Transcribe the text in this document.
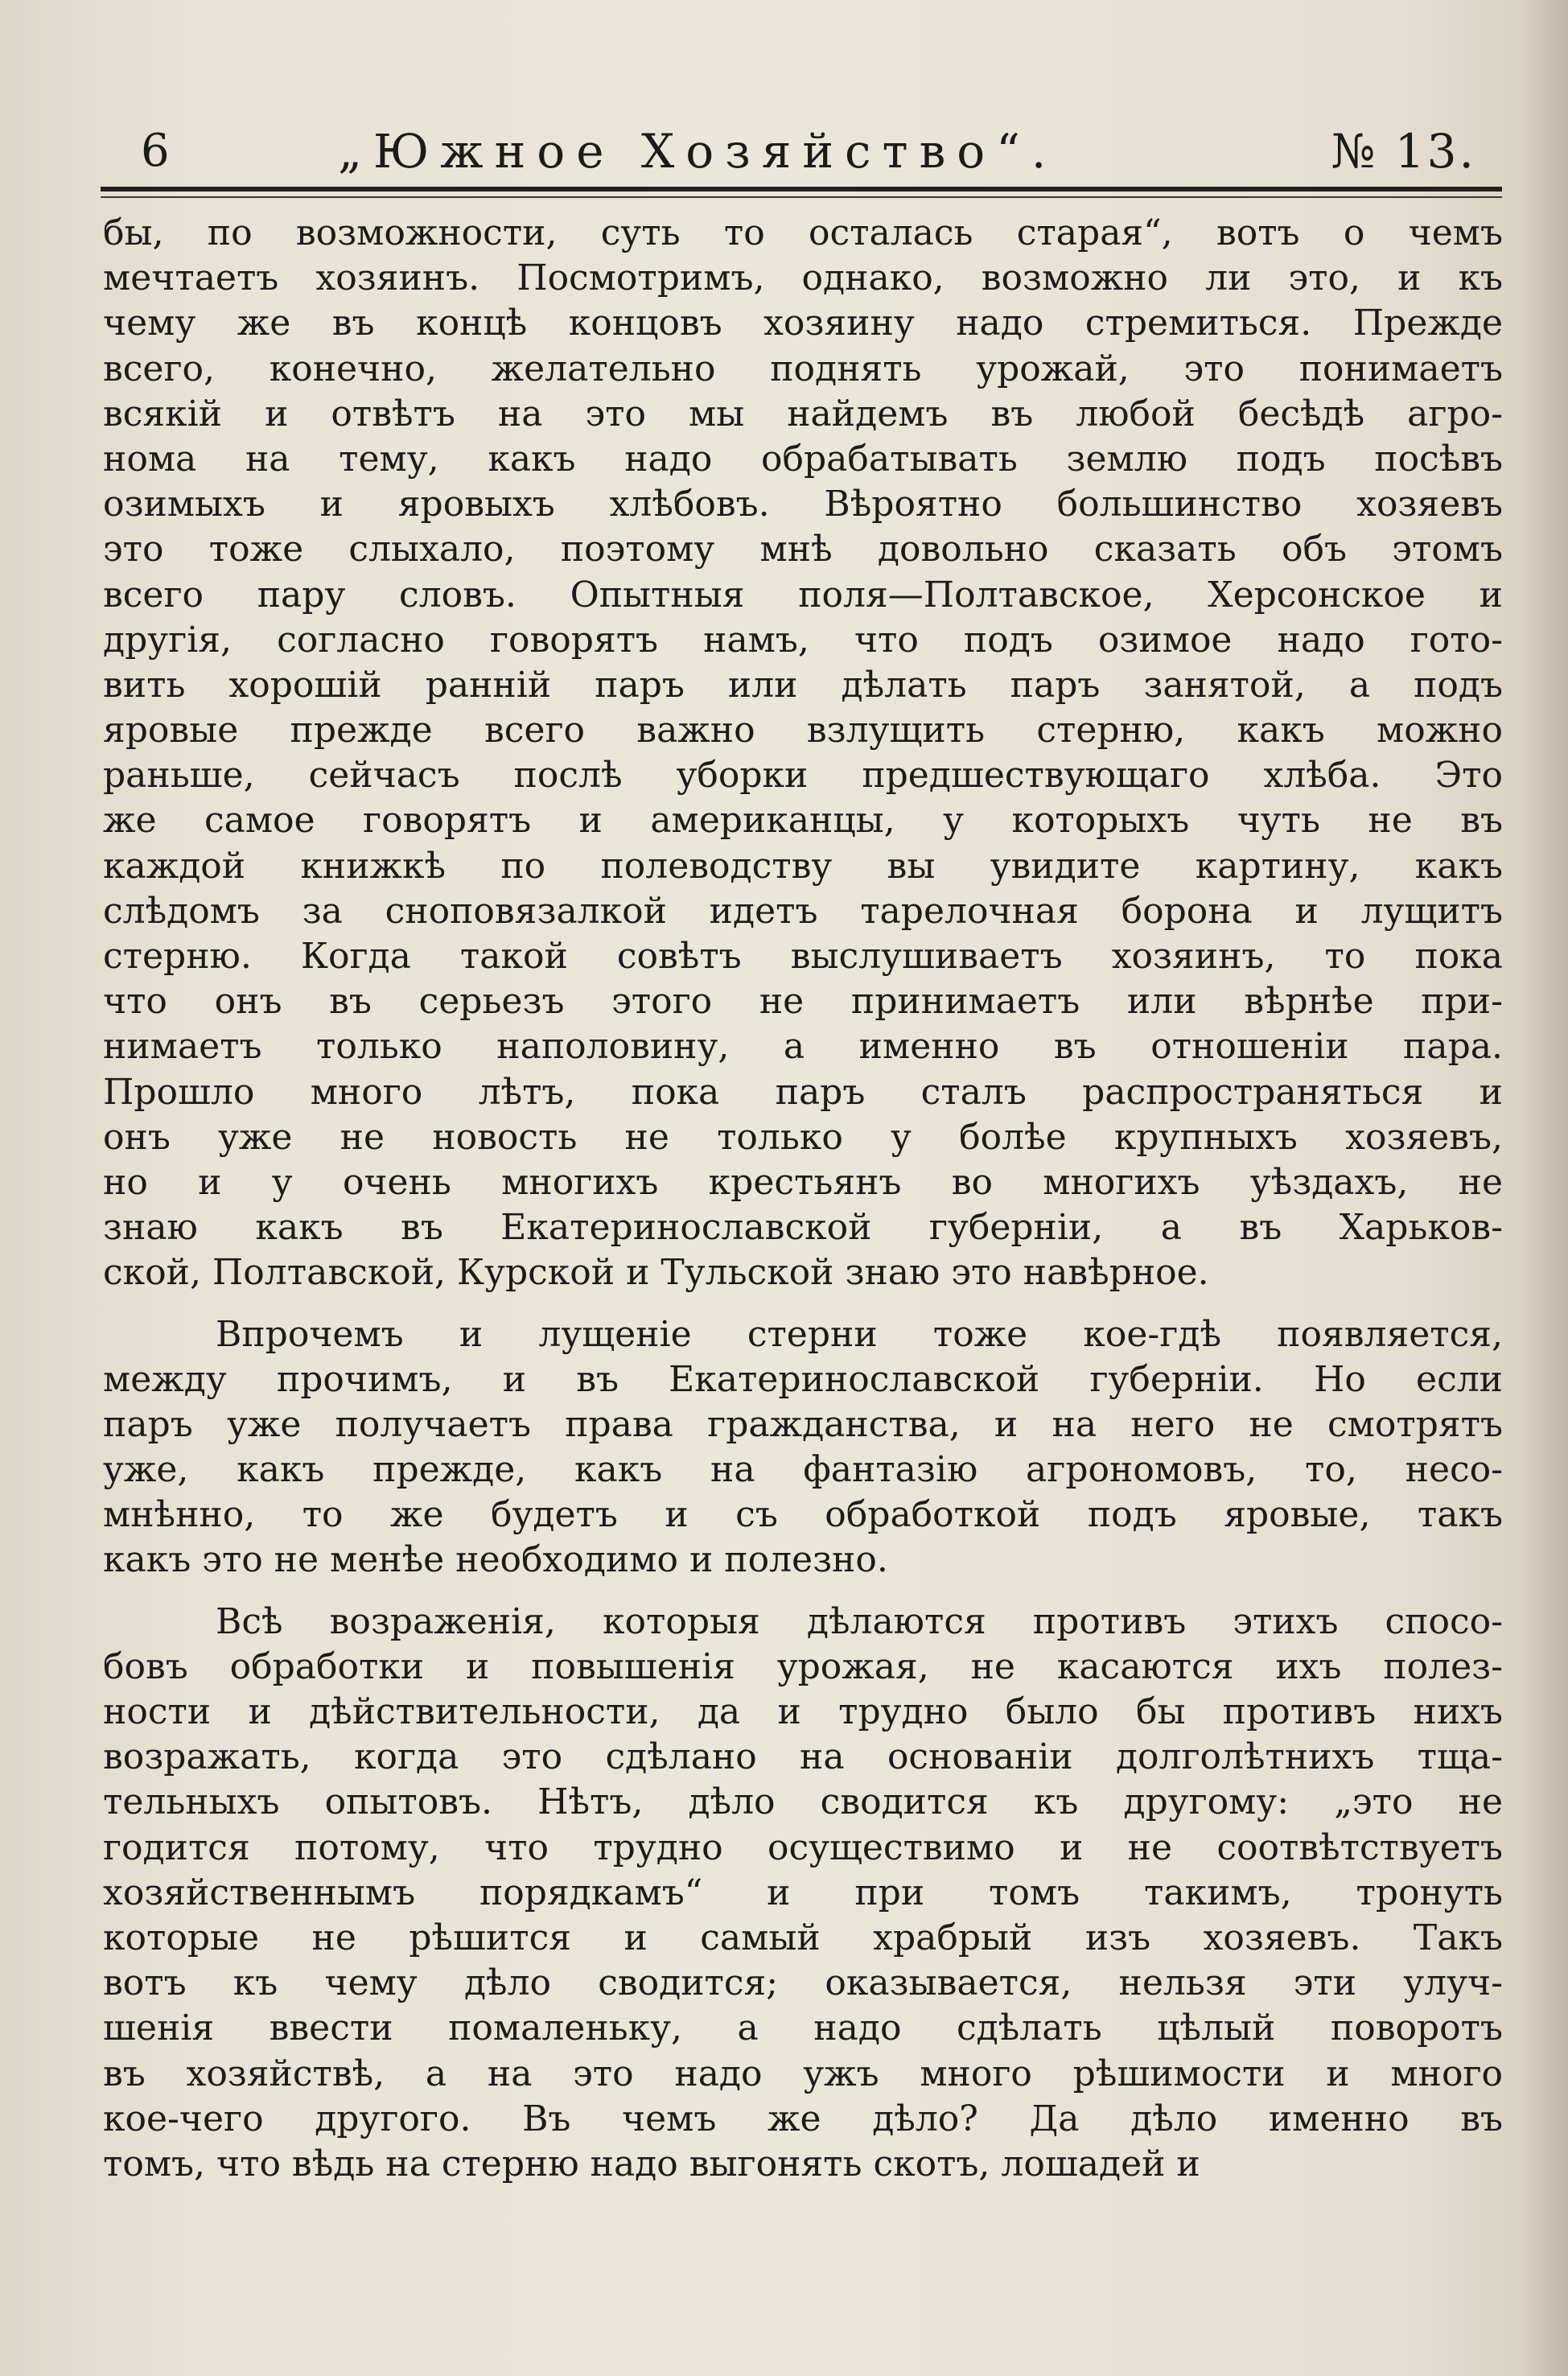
6	„Южное Хозяйство“.	№ 13.

бы, по возможности, суть то осталась старая“, вотъ о чемъ
мечтаетъ хозяинъ. Посмотримъ, однако, возможно ли это, и къ
чему же въ концѣ концовъ хозяину надо стремиться. Прежде
всего, конечно, желательно поднять урожай, это понимаетъ
всякій и отвѣтъ на это мы найдемъ въ любой бесѣдѣ агро-
нома на тему, какъ надо обрабатывать землю подъ посѣвъ
озимыхъ и яровыхъ хлѣбовъ. Вѣроятно большинство хозяевъ
это тоже слыхало, поэтому мнѣ довольно сказать объ этомъ
всего пару словъ. Опытныя поля—Полтавское, Херсонское и
другія, согласно говорятъ намъ, что подъ озимое надо гото-
вить хорошій ранній паръ или дѣлать паръ занятой, а подъ
яровые прежде всего важно взлущить стерню, какъ можно
раньше, сейчасъ послѣ уборки предшествующаго хлѣба. Это
же самое говорятъ и американцы, у которыхъ чуть не въ
каждой книжкѣ по полеводству вы увидите картину, какъ
слѣдомъ за сноповязалкой идетъ тарелочная борона и лущитъ
стерню. Когда такой совѣтъ выслушиваетъ хозяинъ, то пока
что онъ въ серьезъ этого не принимаетъ или вѣрнѣе при-
нимаетъ только наполовину, а именно въ отношеніи пара.
Прошло много лѣтъ, пока паръ сталъ распространяться и
онъ уже не новость не только у болѣе крупныхъ хозяевъ,
но и у очень многихъ крестьянъ во многихъ уѣздахъ, не
знаю какъ въ Екатеринославской губерніи, а въ Харьков-
ской, Полтавской, Курской и Тульской знаю это навѣрное.

Впрочемъ и лущеніе стерни тоже кое-гдѣ появляется,
между прочимъ, и въ Екатеринославской губерніи. Но если
паръ уже получаетъ права гражданства, и на него не смотрятъ
уже, какъ прежде, какъ на фантазію агрономовъ, то, несо-
мнѣнно, то же будетъ и съ обработкой подъ яровые, такъ
какъ это не менѣе необходимо и полезно.

Всѣ возраженія, которыя дѣлаются противъ этихъ спосо-
бовъ обработки и повышенія урожая, не касаются ихъ полез-
ности и дѣйствительности, да и трудно было бы противъ нихъ
возражать, когда это сдѣлано на основаніи долголѣтнихъ тща-
тельныхъ опытовъ. Нѣтъ, дѣло сводится къ другому: „это не
годится потому, что трудно осуществимо и не соотвѣтствуетъ
хозяйственнымъ порядкамъ“ и при томъ такимъ, тронуть
которые не рѣшится и самый храбрый изъ хозяевъ. Такъ
вотъ къ чему дѣло сводится; оказывается, нельзя эти улуч-
шенія ввести помаленьку, а надо сдѣлать цѣлый поворотъ
въ хозяйствѣ, а на это надо ужъ много рѣшимости и много
кое-чего другого. Въ чемъ же дѣло? Да дѣло именно въ
томъ, что вѣдь на стерню надо выгонять скотъ, лошадей и
